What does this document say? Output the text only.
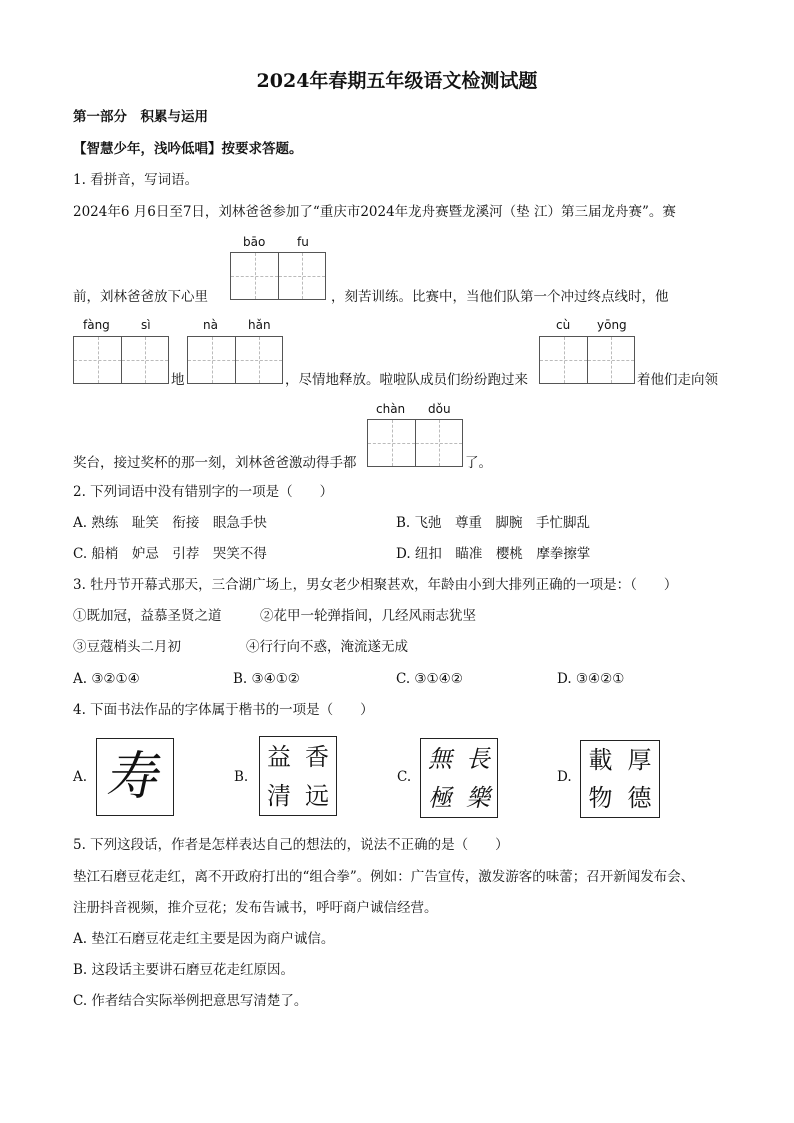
2024年春期五年级语文检测试题
第一部分　积累与运用
【智慧少年，浅吟低唱】按要求答题。
1. 看拼音，写词语。
2024年6 月6日至7日，刘林爸爸参加了“重庆市2024年龙舟赛暨龙溪河（垫 江）第三届龙舟赛”。赛
bāo	fu
前，刘林爸爸放下心里	，刻苦训练。比赛中，当他们队第一个冲过终点线时，他
fàng	sì	nà	hǎn	cù yōng
地	，尽情地释放。啦啦队成员们纷纷跑过来	着他们走向领
chàn dǒu
奖台，接过奖杯的那一刻，刘林爸爸激动得手都	了。
2. 下列词语中没有错别字的一项是（　　）
A. 熟练　耻笑　衔接　眼急手快	B. 飞弛　尊重　脚腕　手忙脚乱
C. 船梢　妒忌　引荐　哭笑不得	D. 纽扣　瞄准　樱桃　摩拳擦掌
3. 牡丹节开幕式那天，三合湖广场上，男女老少相聚甚欢，年龄由小到大排列正确的一项是：（　　）
①既加冠，益慕圣贤之道	②花甲一轮弹指间，几经风雨志犹坚
③豆蔻梢头二月初	④行行向不惑，淹流遂无成
A. ③②①④	B. ③④①②	C. ③①④②	D. ③④②①
4. 下面书法作品的字体属于楷书的一项是（　　）
A. 寿	B.
益 香
清 远
C.
無 長
極 樂
D.
載 厚
物 德
5. 下列这段话，作者是怎样表达自己的想法的，说法不正确的是（　　）
垫江石磨豆花走红，离不开政府打出的“组合拳”。例如：广告宣传，激发游客的味蕾；召开新闻发布会、
注册抖音视频，推介豆花；发布告诫书，呼吁商户诚信经营。
A. 垫江石磨豆花走红主要是因为商户诚信。
B. 这段话主要讲石磨豆花走红原因。
C. 作者结合实际举例把意思写清楚了。
